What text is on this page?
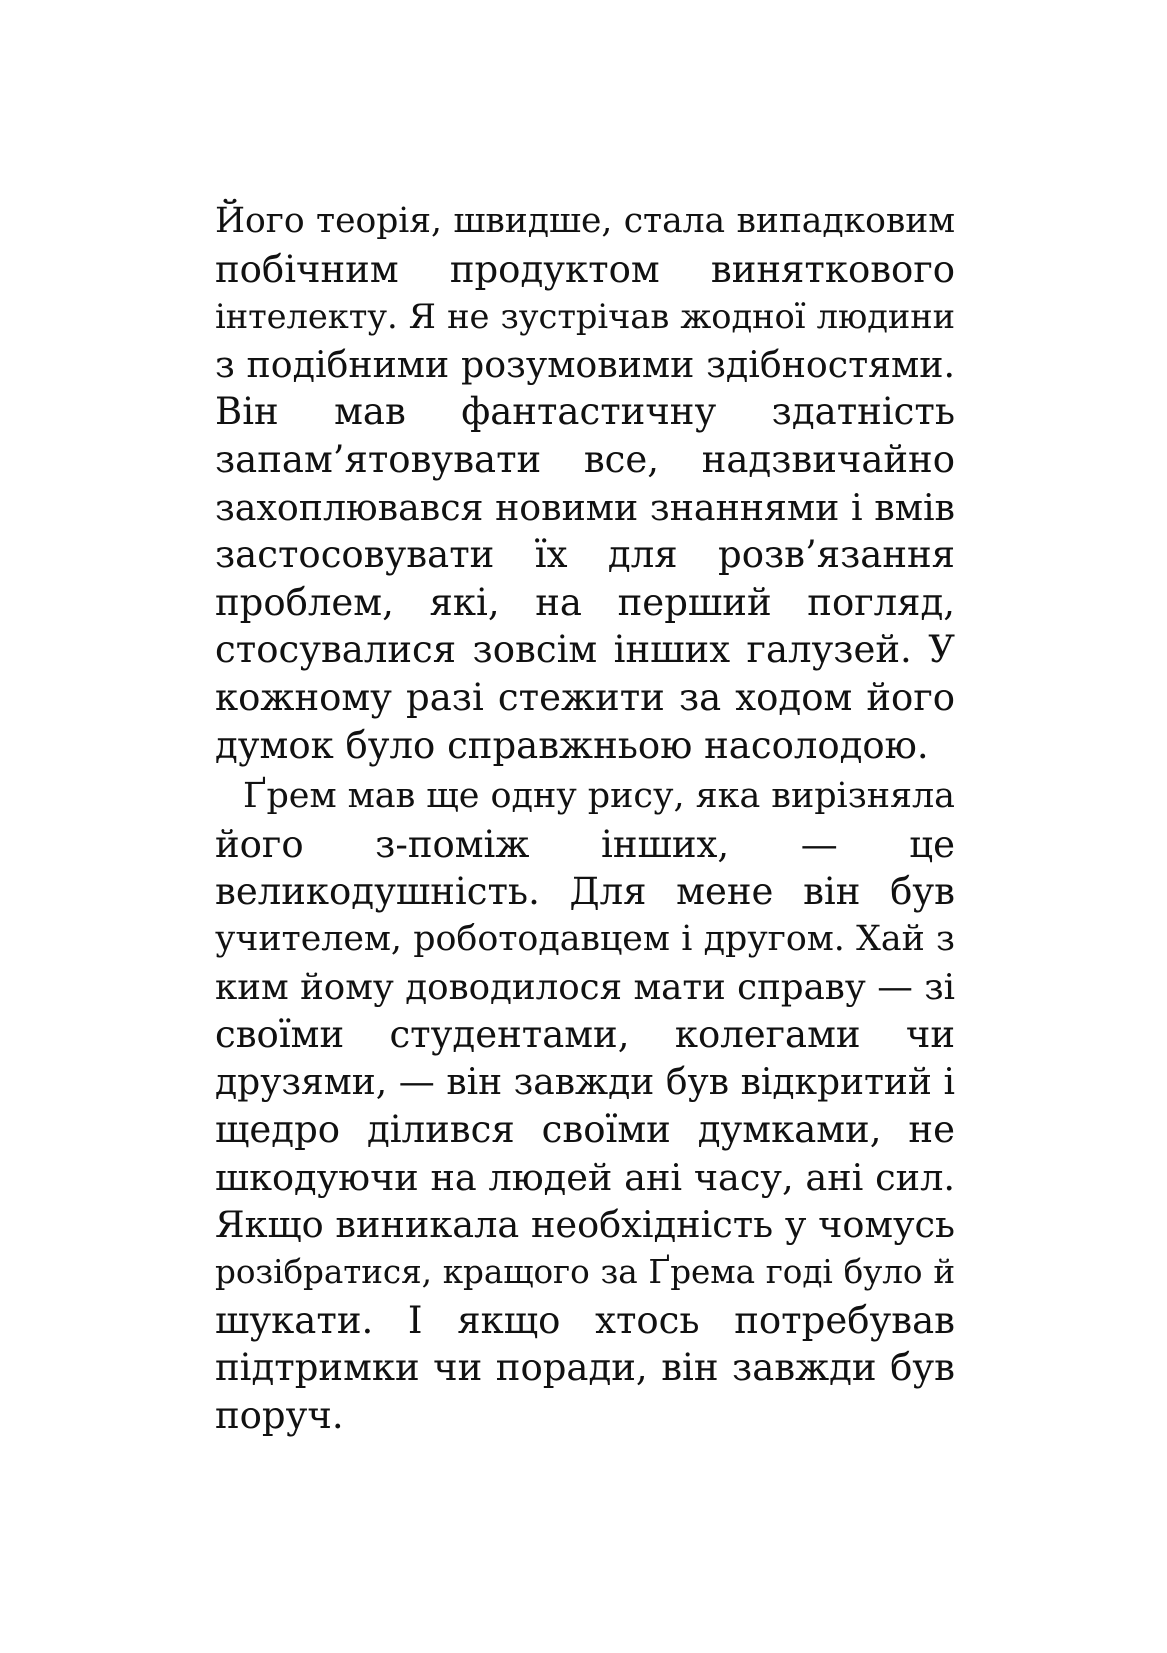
Його теорія, швидше, стала випадковим
побічним продуктом виняткового
інтелекту. Я не зустрічав жодної людини
з подібними розумовими здібностями.
Він мав фантастичну здатність
запам’ятовувати все, надзвичайно
захоплювався новими знаннями і вмів
застосовувати їх для розв’язання
проблем, які, на перший погляд,
стосувалися зовсім інших галузей. У
кожному разі стежити за ходом його
думок було справжньою насолодою.
Ґрем мав ще одну рису, яка вирізняла
його з-поміж інших, — це
великодушність. Для мене він був
учителем, роботодавцем і другом. Хай з
ким йому доводилося мати справу — зі
своїми студентами, колегами чи
друзями, — він завжди був відкритий і
щедро ділився своїми думками, не
шкодуючи на людей ані часу, ані сил.
Якщо виникала необхідність у чомусь
розібратися, кращого за Ґрема годі було й
шукати. І якщо хтось потребував
підтримки чи поради, він завжди був
поруч.
